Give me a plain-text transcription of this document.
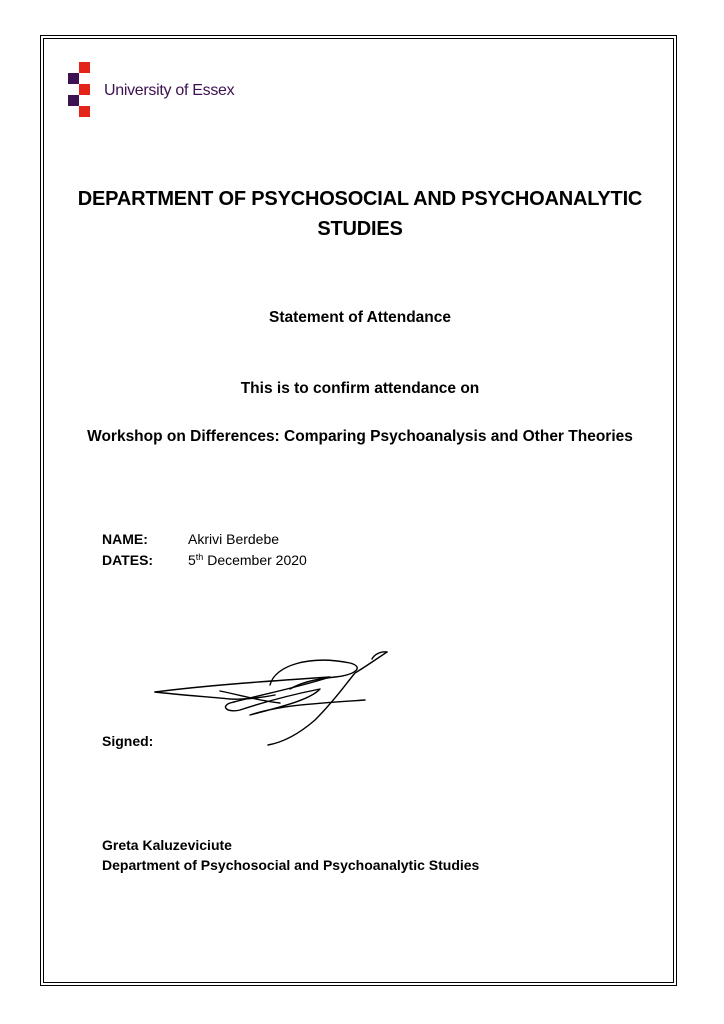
University of Essex
DEPARTMENT OF PSYCHOSOCIAL AND PSYCHOANALYTIC STUDIES
Statement of Attendance
This is to confirm attendance on
Workshop on Differences: Comparing Psychoanalysis and Other Theories
NAME:	Akrivi Berdebe
DATES: 5th December 2020
Signed:
Greta Kaluzeviciute
Department of Psychosocial and Psychoanalytic Studies
